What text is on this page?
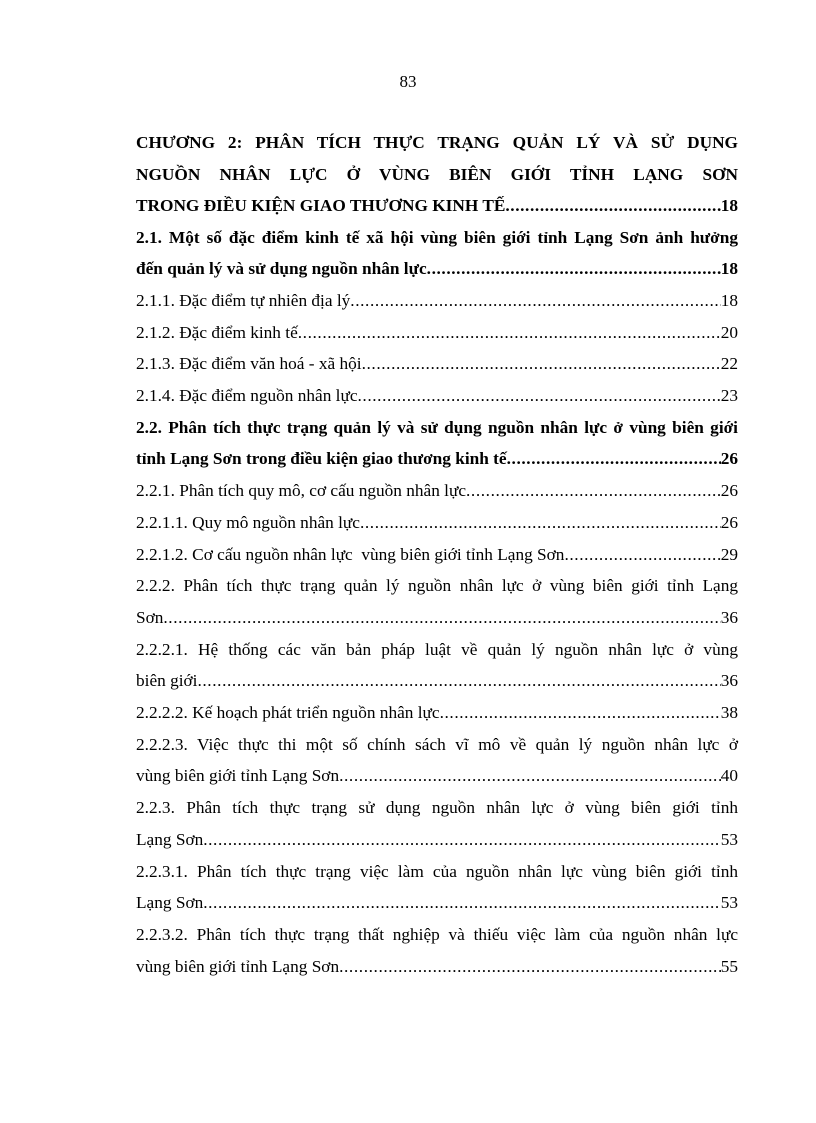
83
CHƯƠNG 2: PHÂN TÍCH THỰC TRẠNG QUẢN LÝ VÀ SỬ DỤNG
NGUỒN NHÂN LỰC Ở VÙNG BIÊN GIỚI TỈNH LẠNG SƠN
TRONG ĐIỀU KIỆN GIAO THƯƠNG KINH TẾ .....	18
2.1. Một số đặc điểm kinh tế xã hội vùng biên giới tỉnh Lạng Sơn ảnh hưởng
đến quản lý và sử dụng nguồn nhân lực .....	18
2.1.1. Đặc điểm tự nhiên địa lý .....	18
2.1.2. Đặc điểm kinh tế .....	20
2.1.3. Đặc điểm văn hoá - xã hội .....	22
2.1.4. Đặc điểm nguồn nhân lực .....	23
2.2. Phân tích thực trạng quản lý và sử dụng nguồn nhân lực ở vùng biên giới
tỉnh Lạng Sơn trong điều kiện giao thương kinh tế .....	26
2.2.1. Phân tích quy mô, cơ cấu nguồn nhân lực .....	26
2.2.1.1. Quy mô nguồn nhân lực .....	26
2.2.1.2. Cơ cấu nguồn nhân lực  vùng biên giới tỉnh Lạng Sơn .....	29
2.2.2. Phân tích thực trạng quản lý nguồn nhân lực ở vùng biên giới tỉnh Lạng
Sơn .....	36
2.2.2.1. Hệ thống các văn bản pháp luật về quản lý nguồn nhân lực ở vùng
biên giới .....	36
2.2.2.2. Kế hoạch phát triển nguồn nhân lực .....	38
2.2.2.3. Việc thực thi một số chính sách vĩ mô về quản lý nguồn nhân lực ở
vùng biên giới tỉnh Lạng Sơn .....	40
2.2.3. Phân tích thực trạng sử dụng nguồn nhân lực ở vùng biên giới tỉnh
Lạng Sơn .....	53
2.2.3.1. Phân tích thực trạng việc làm của nguồn nhân lực vùng biên giới tỉnh
Lạng Sơn .....	53
2.2.3.2. Phân tích thực trạng thất nghiệp và thiếu việc làm của nguồn nhân lực
vùng biên giới tỉnh Lạng Sơn .....	55
